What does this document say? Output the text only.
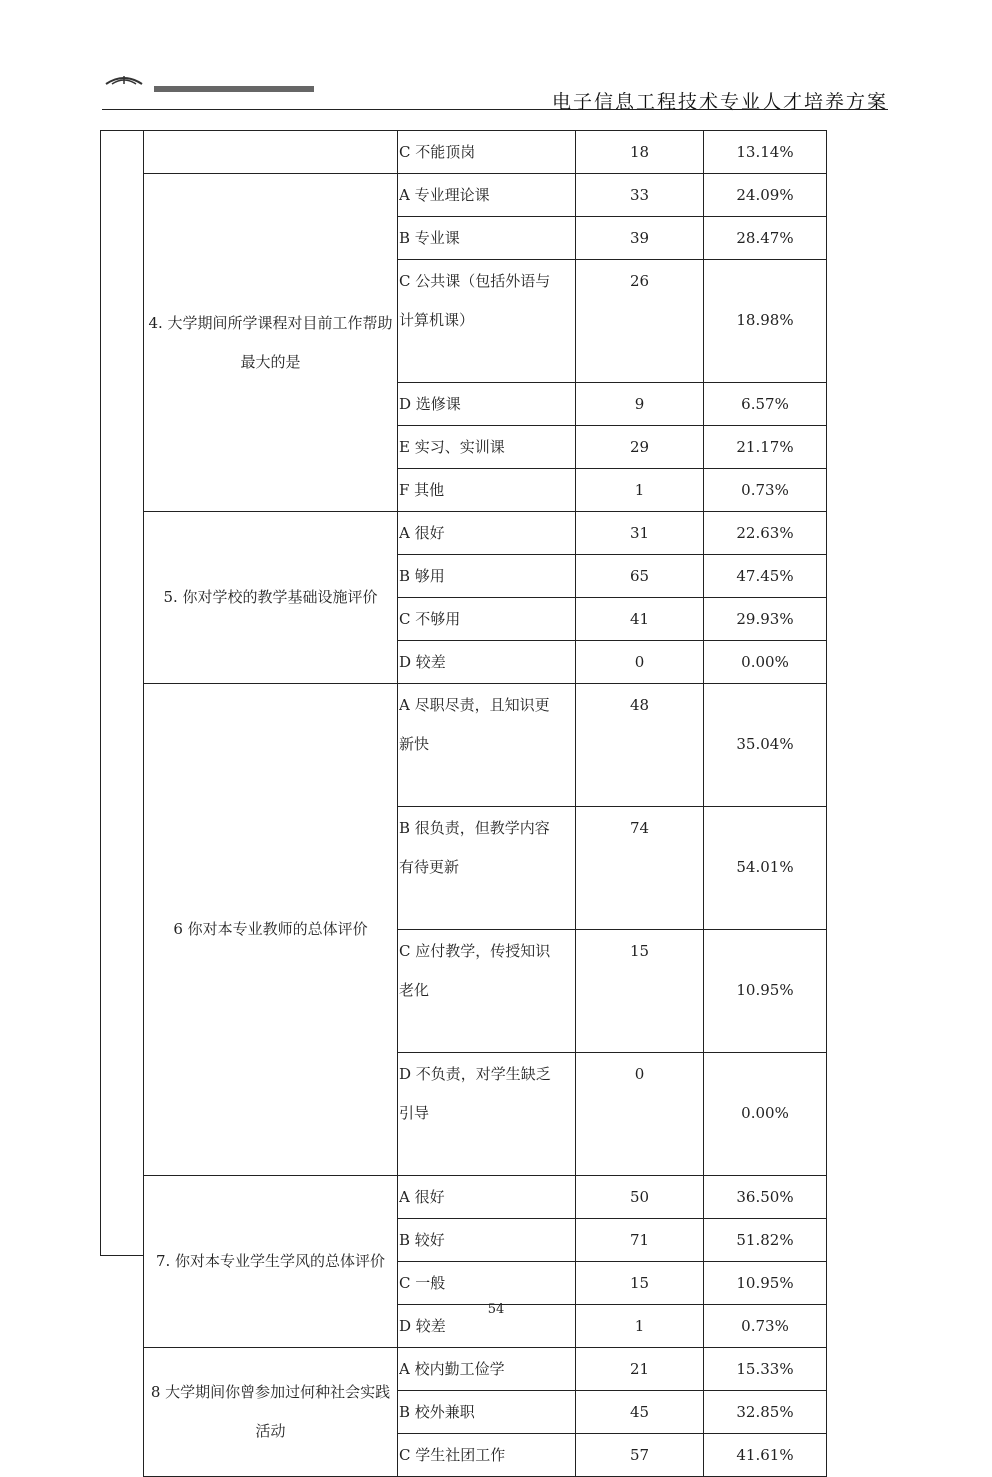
电子信息工程技术专业人才培养方案

	C 不能顶岗	18	13.14%

4. 大学期间所学课程对目前工作帮助最大的是	A 专业理论课	33	24.09%

	B 专业课	39	28.47%

	C 公共课（包括外语与
计算机课）	26	18.98%

	D 选修课	9	6.57%

	E 实习、实训课	29	21.17%

	F 其他	1	0.73%

5. 你对学校的教学基础设施评价	A 很好	31	22.63%

	B 够用	65	47.45%

	C 不够用	41	29.93%

	D 较差	0	0.00%

6 你对本专业教师的总体评价	A 尽职尽责，且知识更
新快	48	35.04%

	B 很负责，但教学内容
有待更新	74	54.01%

	C 应付教学，传授知识
老化	15	10.95%

	D 不负责，对学生缺乏
引导	0	0.00%

7. 你对本专业学生学风的总体评价	A 很好	50	36.50%

	B 较好	71	51.82%

	C 一般	15	10.95%

	D 较差	1	0.73%

8 大学期间你曾参加过何种社会实践活动	A 校内勤工俭学	21	15.33%

	B 校外兼职	45	32.85%

	C 学生社团工作	57	41.61%
54
